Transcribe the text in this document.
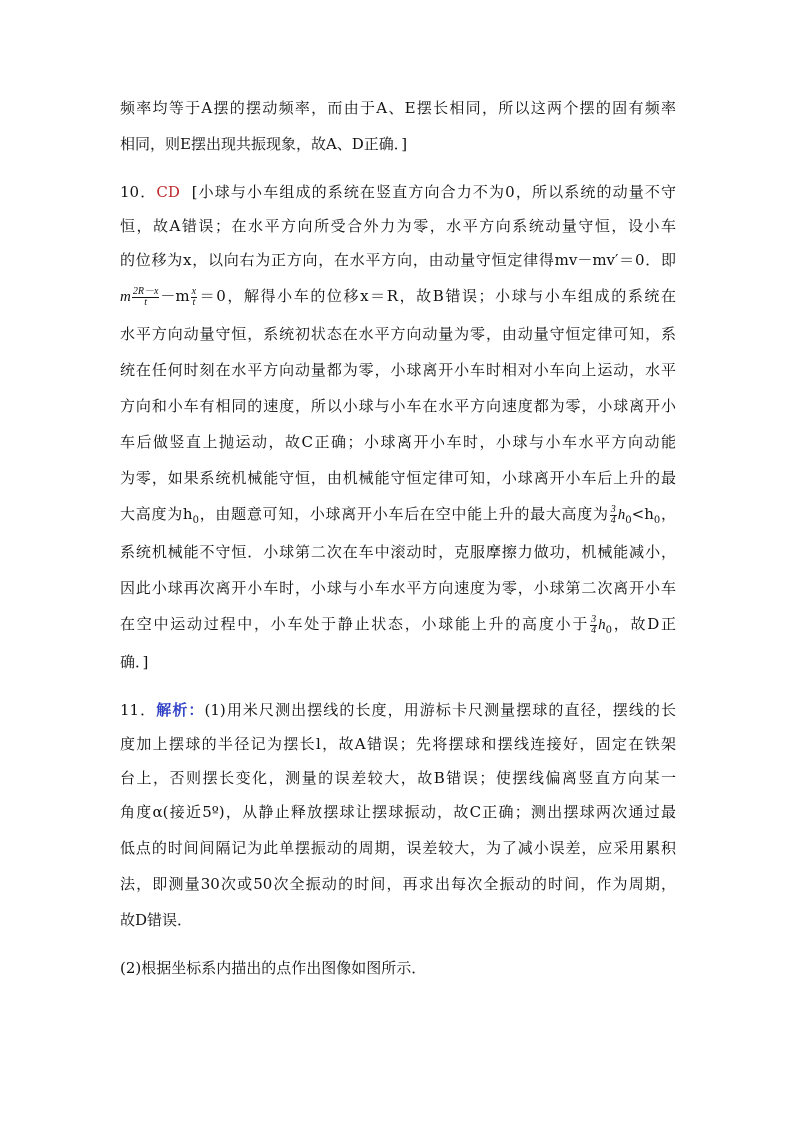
频率均等于A摆的摆动频率，而由于A、E摆长相同，所以这两个摆的固有频率
相同，则E摆出现共振现象，故A、D正确．]
10．CD [小球与小车组成的系统在竖直方向合力不为0，所以系统的动量不守
恒，故A错误；在水平方向所受合外力为零，水平方向系统动量守恒，设小车
的位移为x，以向右为正方向，在水平方向，由动量守恒定律得mv－mv′＝0．即
m $\frac{2R-x}{t} -m \frac{x}{t} =0$，解得小车的位移x＝R，故B错误；小球与小车组成的系统在
水平方向动量守恒，系统初状态在水平方向动量为零，由动量守恒定律可知，系
统在任何时刻在水平方向动量都为零，小球离开小车时相对小车向上运动，水平
方向和小车有相同的速度，所以小球与小车在水平方向速度都为零，小球离开小
车后做竖直上抛运动，故C正确；小球离开小车时，小球与小车水平方向动能
为零，如果系统机械能守恒，由机械能守恒定律可知，小球离开小车后上升的最
大高度为$h_0$，由题意可知，小球离开小车后在空中能上升的最大高度为 $\frac{3}{4} h_0<h_0$，
系统机械能不守恒．小球第二次在车中滚动时，克服摩擦力做功，机械能减小，
因此小球再次离开小车时，小球与小车水平方向速度为零，小球第二次离开小车
在空中运动过程中，小车处于静止状态，小球能上升的高度小于 $\frac{3}{4} h_0$，故D正
确．]
11．解析：(1)用米尺测出摆线的长度，用游标卡尺测量摆球的直径，摆线的长
度加上摆球的半径记为摆长l，故A错误；先将摆球和摆线连接好，固定在铁架
台上，否则摆长变化，测量的误差较大，故B错误；使摆线偏离竖直方向某一
角度α(接近5º)，从静止释放摆球让摆球振动，故C正确；测出摆球两次通过最
低点的时间间隔记为此单摆振动的周期，误差较大，为了减小误差，应采用累积
法，即测量30次或50次全振动的时间，再求出每次全振动的时间，作为周期，
故D错误．
(2)根据坐标系内描出的点作出图像如图所示．
